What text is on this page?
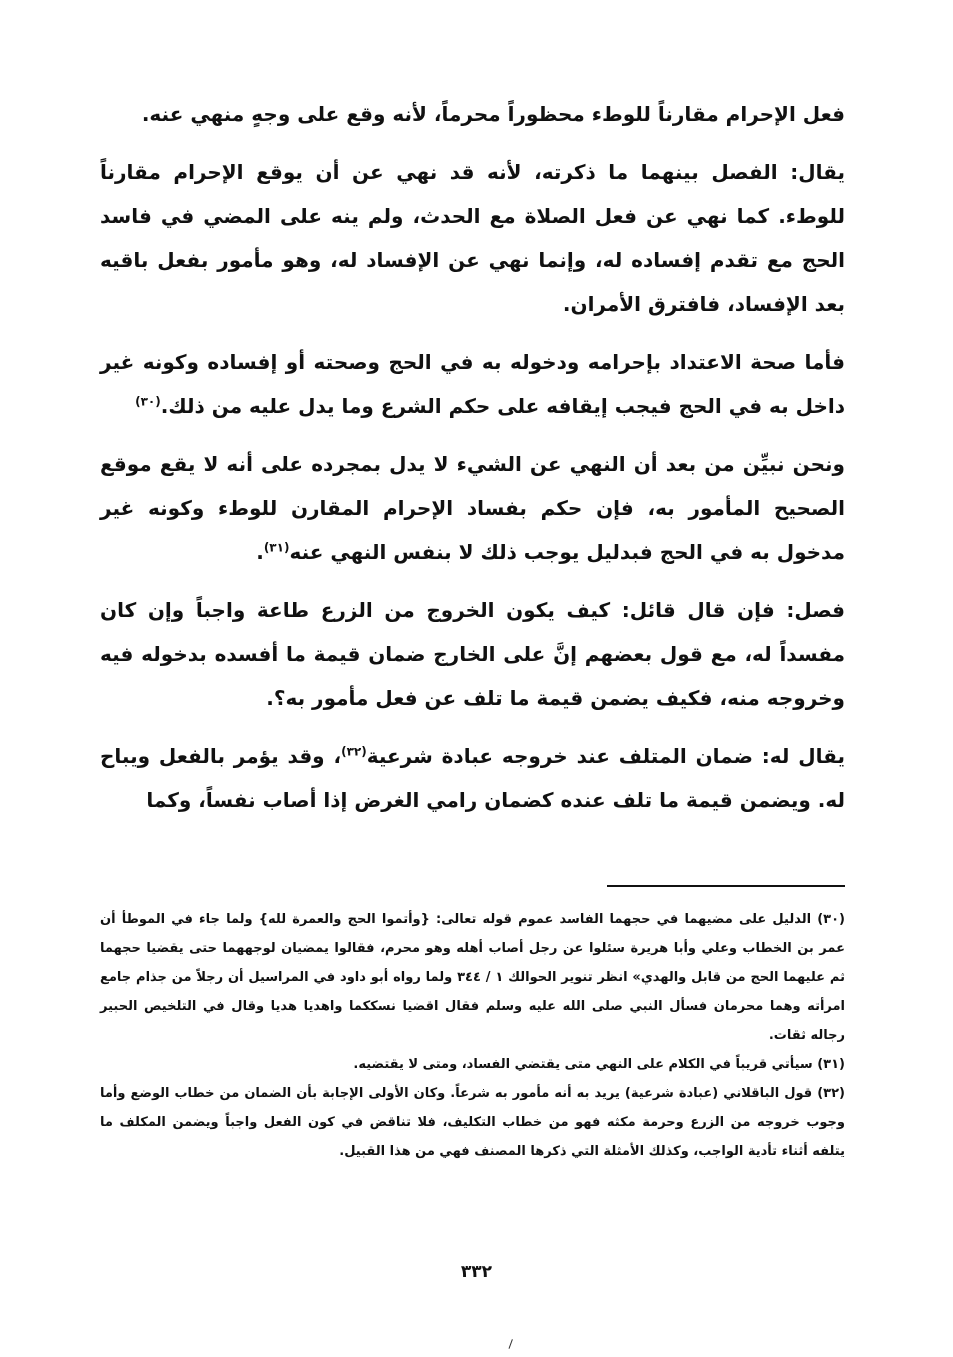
فعل الإحرام مقارناً للوطء محظوراً محرماً، لأنه وقع على وجهٍ منهي عنه.

يقال: الفصل بينهما ما ذكرته، لأنه قد نهي عن أن يوقع الإحرام مقارناً للوطء. كما نهي عن فعل الصلاة مع الحدث، ولم ينه على المضي في فاسد الحج مع تقدم إفساده له، وإنما نهي عن الإفساد له، وهو مأمور بفعل باقيه بعد الإفساد، فافترق الأمران.

فأما صحة الاعتداد بإحرامه ودخوله به في الحج وصحته أو إفساده وكونه غير داخل به في الحج فيجب إيقافه على حكم الشرع وما يدل عليه من ذلك.$^{(٣٠)}$

ونحن نبيِّن من بعد أن النهي عن الشيء لا يدل بمجرده على أنه لا يقع موقع الصحيح المأمور به، فإن حكم بفساد الإحرام المقارن للوطء وكونه غير مدخول به في الحج فبدليل يوجب ذلك لا بنفس النهي عنه$^{(٣١)}$.

فصل: فإن قال قائل: كيف يكون الخروج من الزرع طاعة واجباً وإن كان مفسداً له، مع قول بعضهم إنَّ على الخارج ضمان قيمة ما أفسده بدخوله فيه وخروجه منه، فكيف يضمن قيمة ما تلف عن فعل مأمور به؟.

يقال له: ضمان المتلف عند خروجه عبادة شرعية$^{(٣٢)}$، وقد يؤمر بالفعل ويباح له. ويضمن قيمة ما تلف عنده كضمان رامي الغرض إذا أصاب نفساً، وكما

(٣٠) الدليل على مضيهما في حجهما الفاسد عموم قوله تعالى: {وأتموا الحج والعمرة لله} ولما جاء في الموطأ أن عمر بن الخطاب وعلي وأبا هريرة سئلوا عن رجل أصاب أهله وهو محرم، فقالوا يمضيان لوجههما حتى يقضيا حجهما ثم عليهما الحج من قابل والهدي» انظر تنوير الحوالك ١ / ٣٤٤ ولما رواه أبو داود في المراسيل أن رجلاً من جذام جامع امرأته وهما محرمان فسأل النبي صلى الله عليه وسلم فقال اقضيا نسككما واهديا هديا وقال في التلخيص الحبير رجاله ثقات.

(٣١) سيأتي قريباً في الكلام على النهي متى يقتضي الفساد، ومتى لا يقتضيه.

(٣٢) قول الباقلاني (عبادة شرعية) يريد به أنه مأمور به شرعاً. وكان الأولى الإجابة بأن الضمان من خطاب الوضع وأما وجوب خروجه من الزرع وحرمة مكثه فهو من خطاب التكليف، فلا تناقض في كون الفعل واجباً ويضمن المكلف ما يتلفه أثناء تأدية الواجب، وكذلك الأمثلة التي ذكرها المصنف فهي من هذا القبيل.

٣٣٢
